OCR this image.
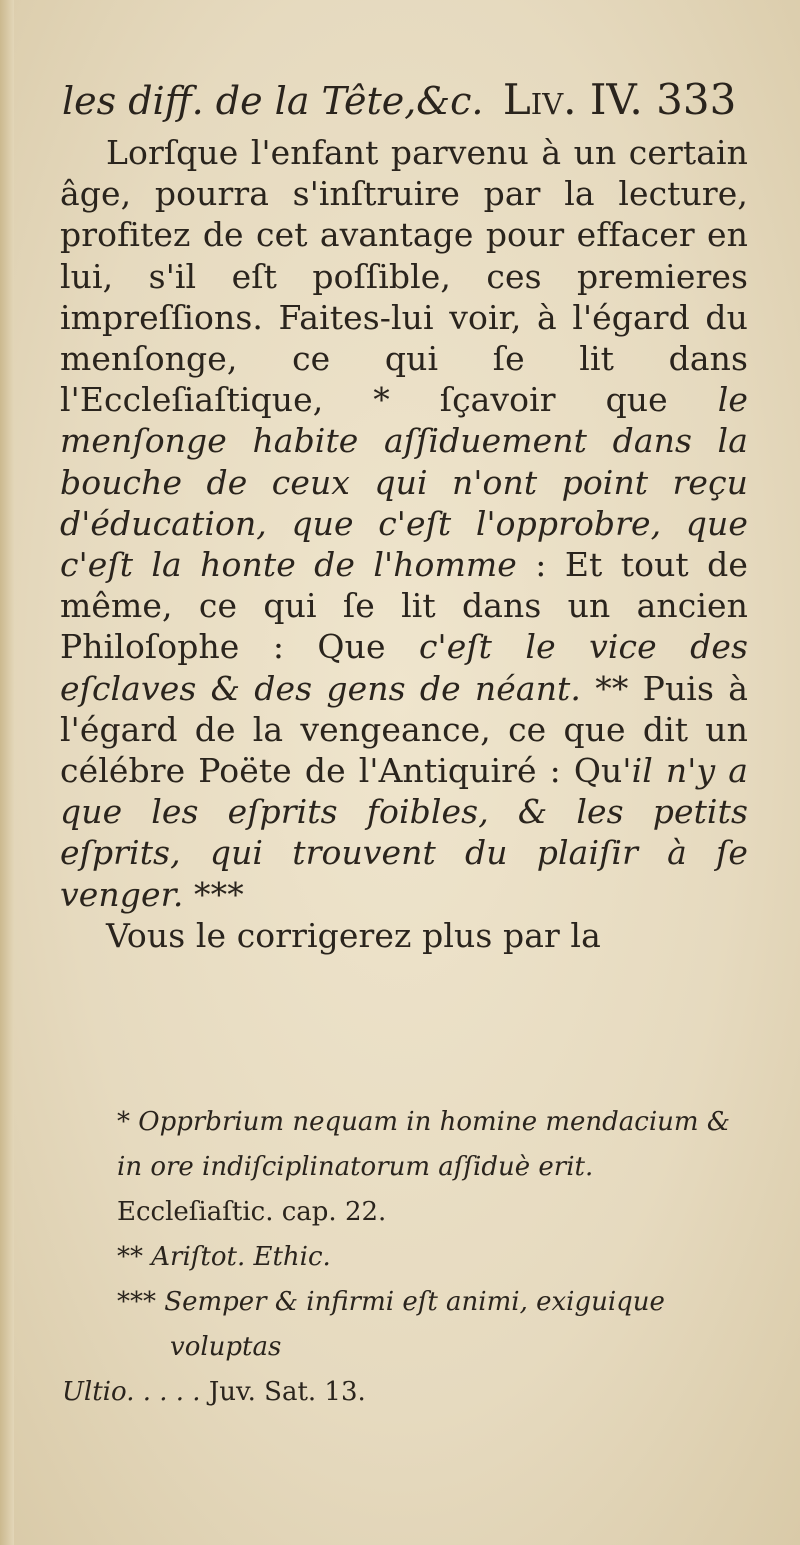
les diff. de la Tête,&c. Liv. IV. 333

Lorſque l'enfant parvenu à un certain âge, pourra s'inſtruire par la lecture, profitez de cet avantage pour effacer en lui, s'il eſt poſſible, ces premieres impreſſions. Faites-lui voir, à l'égard du menſonge, ce qui ſe lit dans l'Eccleſiaſtique, * ſçavoir que le menſonge habite aſſiduement dans la bouche de ceux qui n'ont point reçu d'éducation, que c'eſt l'opprobre, que c'eſt la honte de l'homme : Et tout de même, ce qui ſe lit dans un ancien Philoſophe : Que c'eſt le vice des eſclaves & des gens de néant. ** Puis à l'égard de la vengeance, ce que dit un célébre Poëte de l'Antiquiré : Qu'il n'y a que les eſprits foibles, & les petits eſprits, qui trouvent du plaiſir à ſe venger. ***

Vous le corrigerez plus par la

* Opprbrium nequam in homine mendacium & in ore indiſciplinatorum aſſiduè erit. Eccleſiaſtic. cap. 22.

** Ariſtot. Ethic.

*** Semper & infirmi eſt animi, exiguique

voluptas

Ultio. . . . . Juv. Sat. 13.
